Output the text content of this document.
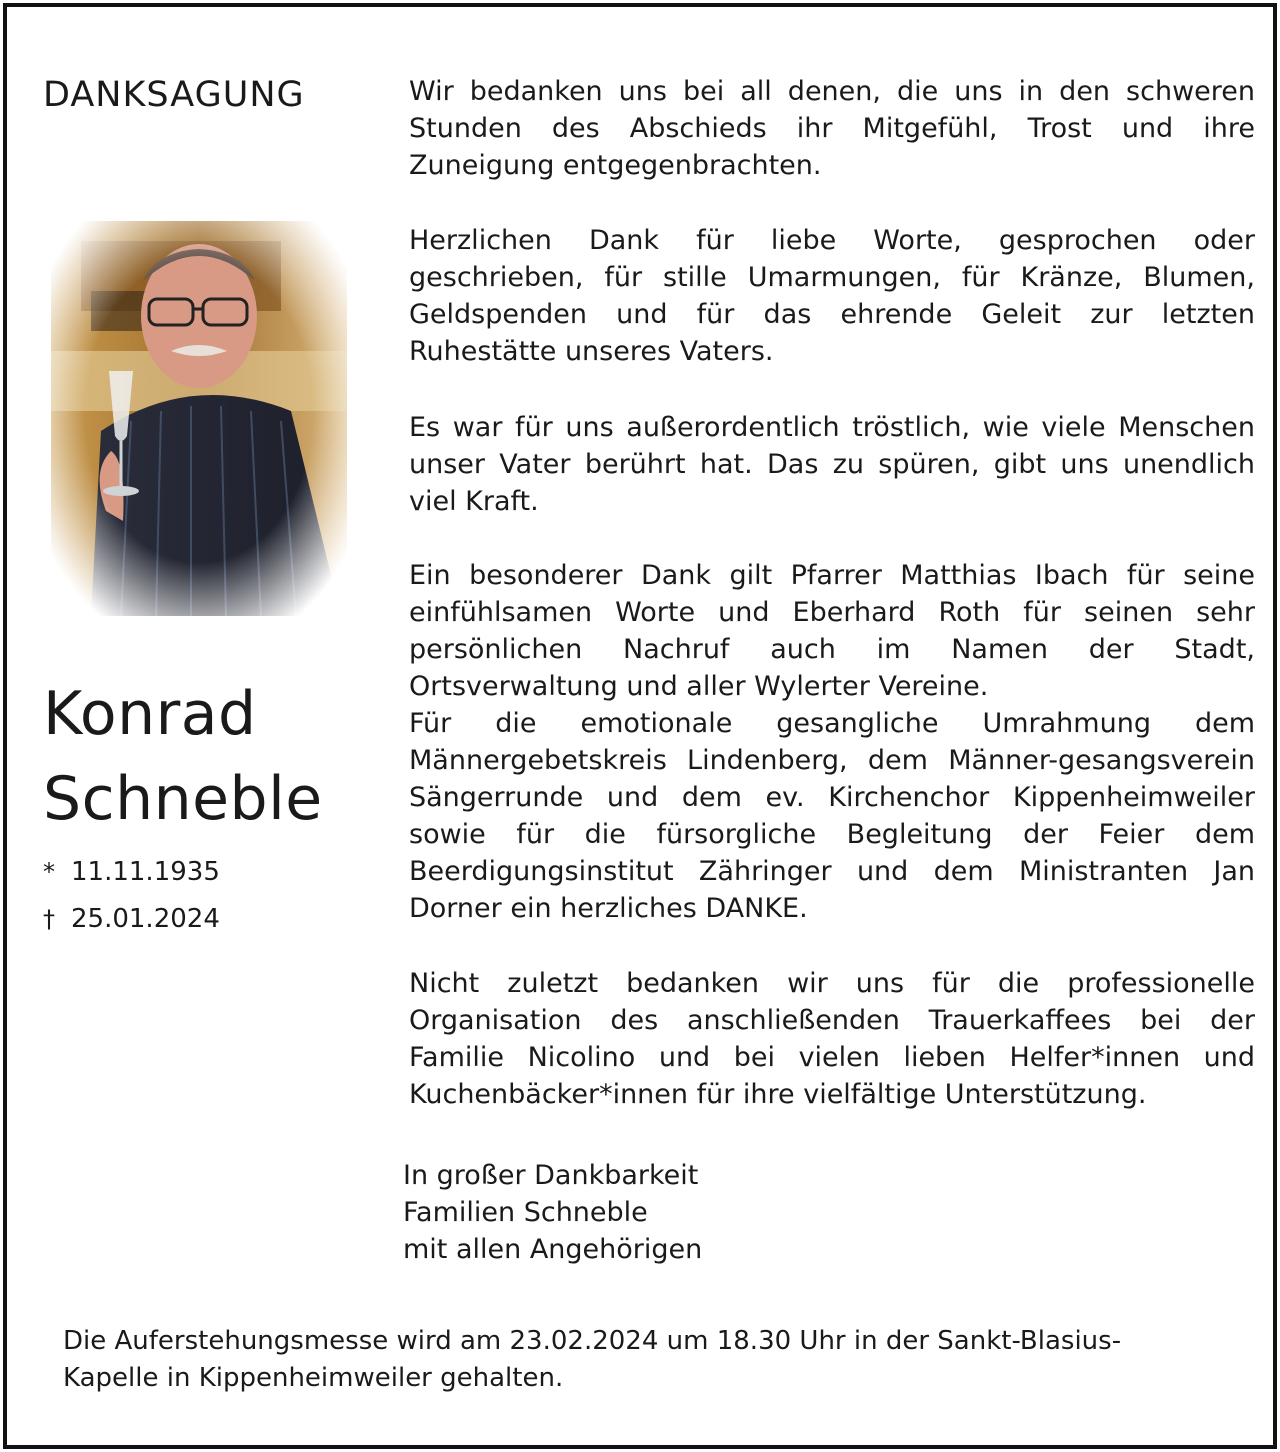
DANKSAGUNG
Konrad
Schneble
* 11.11.1935
† 25.01.2024

Wir bedanken uns bei all denen, die uns in den schweren Stunden des Abschieds ihr Mitgefühl, Trost und ihre Zuneigung entgegenbrachten.

Herzlichen Dank für liebe Worte, gesprochen oder geschrieben, für stille Umarmungen, für Kränze, Blumen, Geldspenden und für das ehrende Geleit zur letzten Ruhestätte unseres Vaters.

Es war für uns außerordentlich tröstlich, wie viele Menschen unser Vater berührt hat. Das zu spüren, gibt uns unendlich viel Kraft.

Ein besonderer Dank gilt Pfarrer Matthias Ibach für seine einfühlsamen Worte und Eberhard Roth für seinen sehr persönlichen Nachruf auch im Namen der Stadt, Ortsverwaltung und aller Wylerter Vereine.

Für die emotionale gesangliche Umrahmung dem Männergebetskreis Lindenberg, dem Männer-gesangsverein Sängerrunde und dem ev. Kirchenchor Kippenheimweiler sowie für die fürsorgliche Begleitung der Feier dem Beerdigungsinstitut Zähringer und dem Ministranten Jan Dorner ein herzliches DANKE.

Nicht zuletzt bedanken wir uns für die professionelle Organisation des anschließenden Trauerkaffees bei der Familie Nicolino und bei vielen lieben Helfer*innen und Kuchenbäcker*innen für ihre vielfältige Unterstützung.

In großer Dankbarkeit
Familien Schneble
mit allen Angehörigen

Die Auferstehungsmesse wird am 23.02.2024 um 18.30 Uhr in der Sankt-Blasius-Kapelle in Kippenheimweiler gehalten.
